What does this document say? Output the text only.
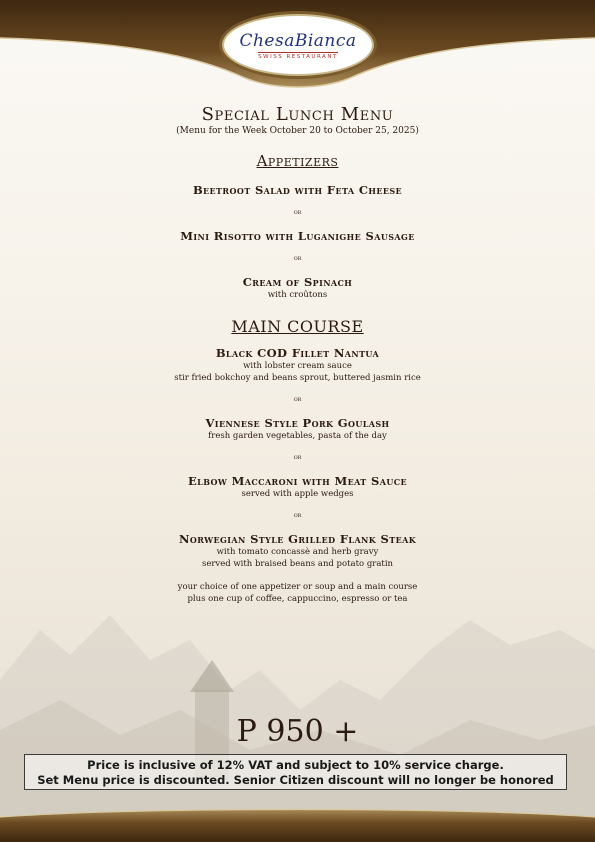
ChesaBianca
SWISS RESTAURANT
Special Lunch Menu
(Menu for the Week October 20 to October 25, 2025)
Appetizers
Beetroot Salad with Feta Cheese
or
Mini Risotto with Luganighe Sausage
or
Cream of Spinach
with croûtons
MAIN COURSE
Black COD Fillet Nantua
with lobster cream sauce
stir fried bokchoy and beans sprout, buttered jasmin rice
or
Viennese Style Pork Goulash
fresh garden vegetables, pasta of the day
or
Elbow Maccaroni with Meat Sauce
served with apple wedges
or
Norwegian Style Grilled Flank Steak
with tomato concassè and herb gravy
served with braised beans and potato gratin
your choice of one appetizer or soup and a main course
plus one cup of coffee, cappuccino, espresso or tea
P 950 +
Price is inclusive of 12% VAT and subject to 10% service charge.
Set Menu price is discounted. Senior Citizen discount will no longer be honored
